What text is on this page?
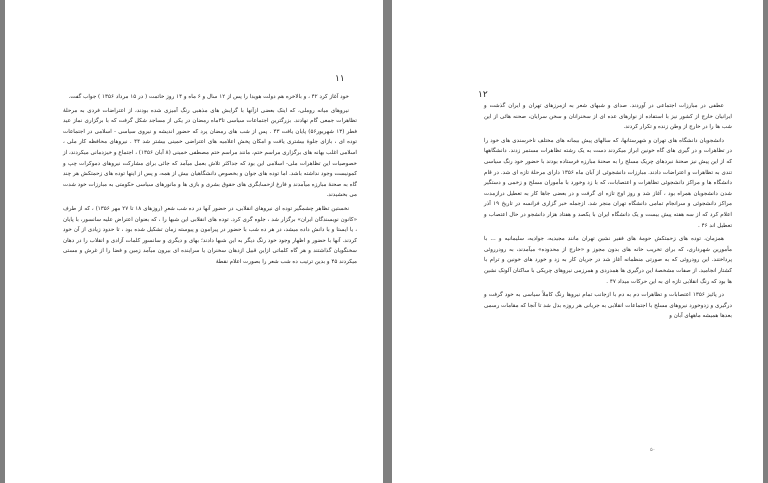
۱۱

خود آغاز کرد ۴۲ ، و بالاخره هم دولت هویدا را پس از ۱۲ سال و ۶ ماه و ۱۴ روز خاتمت ( در ۱۵ مرداد ۱۳۵۶ ) جواب گفت.

نیروهای میانه روملی، که اینک بعضی ازآنها با گرایش های مذهبی رنگ آمیزی شده بودند، از اعتراضات فردی به مرحلهٔ تظاهرات جمعی گام نهادند. بزرگترین اجتماعات سیاسی تا۳ماه رمضان در یکی از مساجد شکل گرفت که با برگزاری نماز عید فطر (۱۳ شهریور۵۶) پایان یافت ۴۳ . پس از شب های رمضان پرد که حضور اندیشه و نیروی سیاسی - اسلامی در اجتماعات توده ای ، بازای جلوهٔ بیشتری یافت و امکان پخش اعلامیه های اعتراضی خمینی بیشتر شد ۴۴ . نیروهای محافظه کار ملی ، اسلامی اغلب بهانه های برگزاری مراسم ختم، مانند مراسم ختم مصطفی خمینی (۸ آبان ۱۳۵۶) ، اجتماع و خیزدمانی میکردند، از خصوصیات این تظاهرات ملی- اسلامی این بود که جداکثر تلاش بعمل میآمد که جائی برای مشارکت نیروهای دموکرات چپ و کمونیست وجود نداشته باشد. اما توده های جوان و بخصوص دانشگاهیان بیش از همه، و پس از اینها توده های زحمتکش هر چند گاه به صحنهٔ مبارزه میآمدند و فارغ ازحسابگری های حقوق بشری و بازی ها و مانورهای سیاسی حکومتی به مبارزات خود شدت می بخشیدند.

نخستین تظاهر چشمگیر توده ای نیروهای انقلابی، در حضور آنها در ده شب شعرِ (روزهای ۱۸ تا ۲۷ مهر ۱۳۵۶) ، که از طرف «کانون نویسندگان ایران» برگزار شد ، جلوه گری کرد. توده های انقلابی این شبها را ، که بعنوان اعتراض علیه سانسور، با پایان ، یا ایستا و با دانش داده میشد، در هر ده شب با حضور در پیرامون و پیوسته زمان تشکیل شده بود ، تا حدود زیادی از آن خود کردند. آنها با حضور و اظهار وجود خود رنگ دیگر به این شبها دادند؛ بهای و دیگری و سانسور کلمات آزادی و انقلاب را در دهان سخنگویان گذاشتند و هر گاه کلماتی ازاین قبیل ازدهان سخنران یا سراینده ای بیرون میآمد زمین و فضا را از غرش و مستی میکردند ۴۵ و بدین ترتیب ده شب شعر را بصورت اعلام نقطهٔ

۱۲

عطفی در مبارزات اجتماعی در آوردند. صدای و شبهای شعر به ازمرزهای تهران و ایران گذشت و ایرانیان خارج از کشور نیز با استفاده از نوارهای عده ای از سخنرانان و سخن سرایان، صحنه هائی از این شب ها را در خارج از وطن زنده و تکرار کردند.

دانشجویان دانشگاه های تهران و شهرستانها، که سالهای پیش بیمانه های مختلف ناخرسندی های خود را در تظاهرات و در گیری های گاه خونین ابراز میکردند دست به یک رشته تظاهرات مستمر زدند. دانشگاهها که از این پیش نیز صحنهٔ نبردهای چریک مسلح را به صحنهٔ مبارزه فرستاده بودند با حضور خود رنگ سیاسی تندی به تظاهرات و اعتراضات دادند. مبارزات دانشجوئی از آبان ماه ۱۳۵۶ دارای مرحلهٔ تازه ای شد. در قام دانشگاه ها و مراکز دانشجوئی تظاهرات و اعتصابات، که با زد وخورد با مأموران مسلح و زخمی و دستگیر شدن دانشجویان همراه بود ، آغاز شد و روز اوج تازه ای گرفت و در بعضی جاها کار به تعطیل درازمدت مراکز دانشجوئی و سرانجام تمامی دانشگاه تهران منجر شد. ازجمله خبر گزاری فرانسه در تاریخ ۱۹ آذر اعلام کرد که از سه هفته پیش بیست و یک دانشگاه ایران با یکصد و هفتاد هزار دانشجو در حال اعتصاب و تعطیل اند ۴۶ .

همزمان، توده های زحمتکش حومهٔ های فقیر نشین تهران مانند مجیدیه، جوادیه، سلیمانیه و ... با مأمورین شهرداری، که برای تخریب خانه های بدون مجوز و «خارج از محدوده» میآمدند، به رودرروئی پرداختند. این رودروئی که به صورتی منظمانه آغاز شد در جریان کار به زد و خورد های خونین و ترام با کشتار انجامید. از صفات مشخصهٔ این درگیری ها همدردی و همرزمی نیروهای چریکی با ساکنان آلونک نشین ها بود که رنگ انقلابی تازه ای به این حرکات میداد ۴۷ .

در پائیز ۱۳۵۶ اعتصابات و تظاهرات دم به دم با ازجانب تمام نیروها رنگ کاملاً سیاسی به خود گرفت و درگیری و زدوخورد نیروهای مسلح با اجتماعات انقلابی به جریانی هر روزه بدل شد تا آنجا که مقامات رسمی بعدها همیشه ماههای آبان و

۵۰
